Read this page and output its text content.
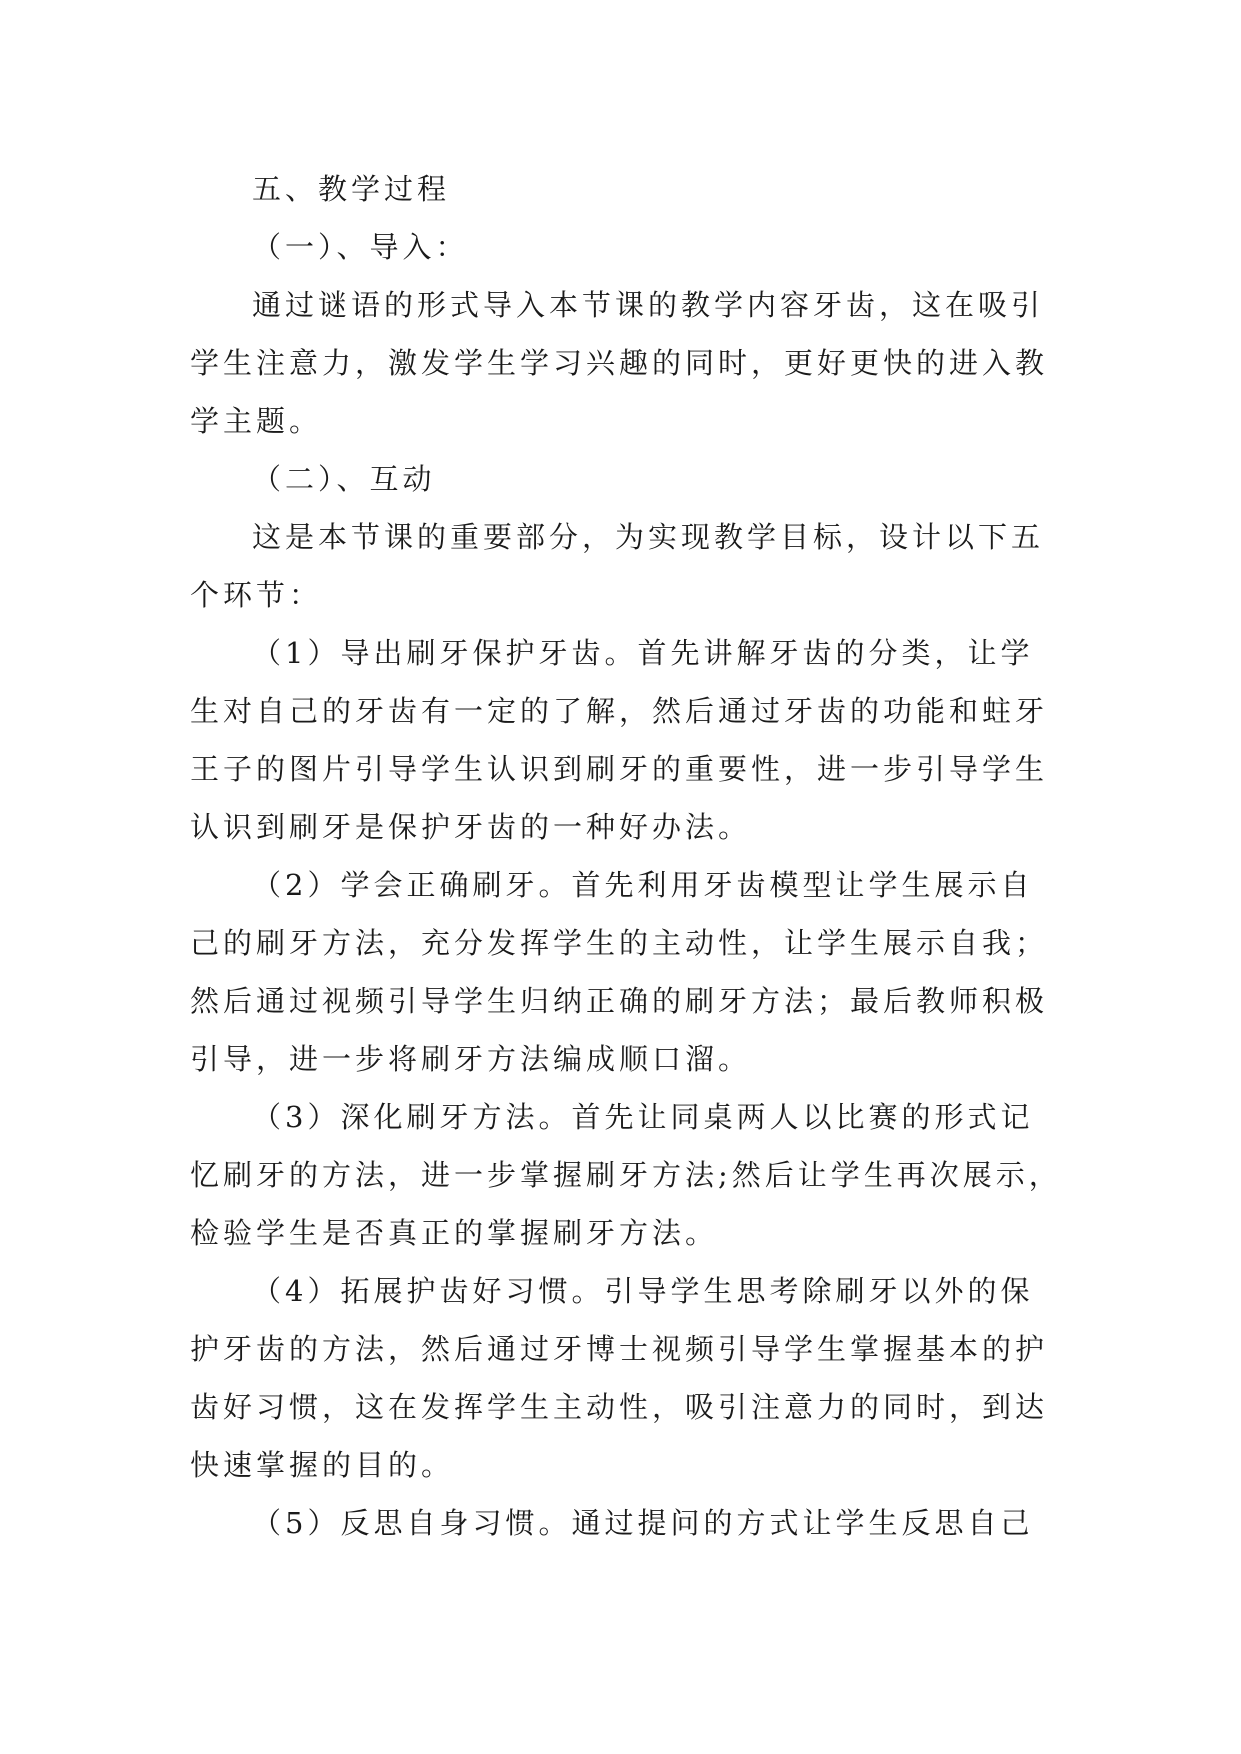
五、教学过程
（一）、导入：
通过谜语的形式导入本节课的教学内容牙齿，这在吸引
学生注意力，激发学生学习兴趣的同时，更好更快的进入教
学主题。
（二）、互动
这是本节课的重要部分，为实现教学目标，设计以下五
个环节：
（1）导出刷牙保护牙齿。首先讲解牙齿的分类，让学
生对自己的牙齿有一定的了解，然后通过牙齿的功能和蛀牙
王子的图片引导学生认识到刷牙的重要性，进一步引导学生
认识到刷牙是保护牙齿的一种好办法。
（2）学会正确刷牙。首先利用牙齿模型让学生展示自
己的刷牙方法，充分发挥学生的主动性，让学生展示自我；
然后通过视频引导学生归纳正确的刷牙方法；最后教师积极
引导，进一步将刷牙方法编成顺口溜。
（3）深化刷牙方法。首先让同桌两人以比赛的形式记
忆刷牙的方法，进一步掌握刷牙方法;然后让学生再次展示，
检验学生是否真正的掌握刷牙方法。
（4）拓展护齿好习惯。引导学生思考除刷牙以外的保
护牙齿的方法，然后通过牙博士视频引导学生掌握基本的护
齿好习惯，这在发挥学生主动性，吸引注意力的同时，到达
快速掌握的目的。
（5）反思自身习惯。通过提问的方式让学生反思自己
